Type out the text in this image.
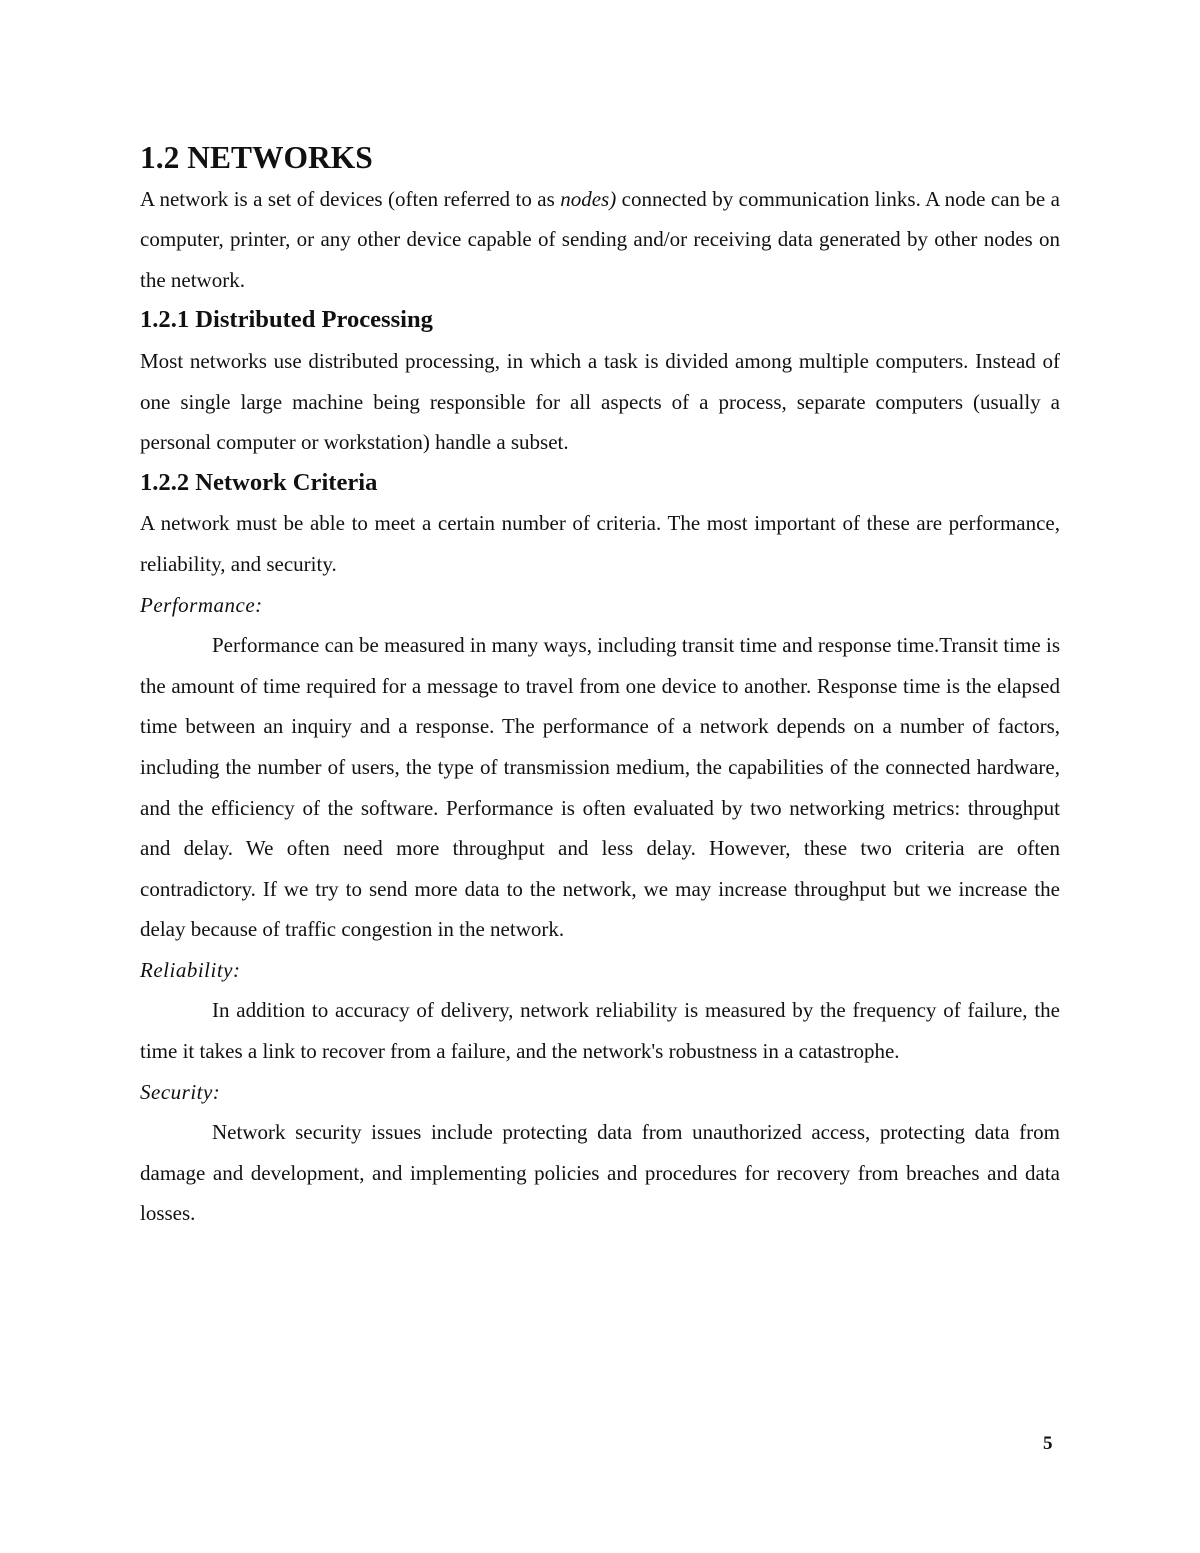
1.2 NETWORKS

A network is a set of devices (often referred to as nodes) connected by communication links. A node can be a computer, printer, or any other device capable of sending and/or receiving data generated by other nodes on the network.

1.2.1 Distributed Processing

Most networks use distributed processing, in which a task is divided among multiple computers. Instead of one single large machine being responsible for all aspects of a process, separate computers (usually a personal computer or workstation) handle a subset.

1.2.2 Network Criteria

A network must be able to meet a certain number of criteria. The most important of these are performance, reliability, and security.

Performance:

Performance can be measured in many ways, including transit time and response time.Transit time is the amount of time required for a message to travel from one device to another. Response time is the elapsed time between an inquiry and a response. The performance of a network depends on a number of factors, including the number of users, the type of transmission medium, the capabilities of the connected hardware, and the efficiency of the software. Performance is often evaluated by two networking metrics: throughput and delay. We often need more throughput and less delay. However, these two criteria are often contradictory. If we try to send more data to the network, we may increase throughput but we increase the delay because of traffic congestion in the network.

Reliability:

In addition to accuracy of delivery, network reliability is measured by the frequency of failure, the time it takes a link to recover from a failure, and the network's robustness in a catastrophe.

Security:

Network security issues include protecting data from unauthorized access, protecting data from damage and development, and implementing policies and procedures for recovery from breaches and data losses.

5
